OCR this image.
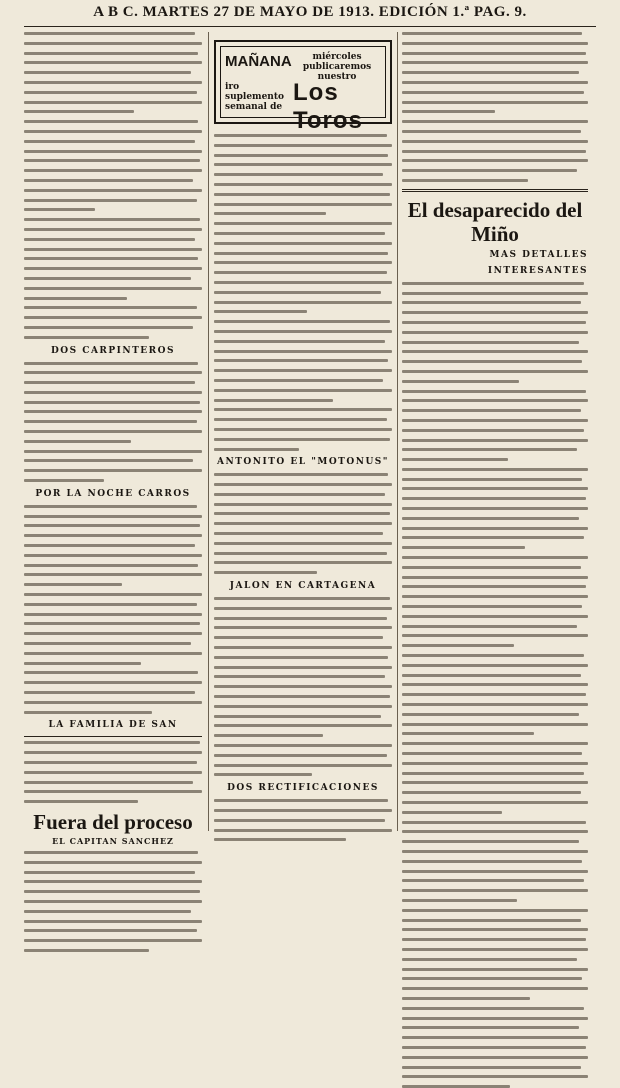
A B C. MARTES 27 DE MAYO DE 1913. EDICIÓN 1.ª PAG. 9.
DOS CARPINTEROS
POR LA NOCHE CARROS
LA FAMILIA DE SAN
Fuera del proceso
EL CAPITAN SANCHEZ
MAÑANA	miércoles publicaremos nuestro
iro suplemento semanal de
Los Toros
ANTONITO EL "MOTONUS"
JALON EN CARTAGENA
DOS RECTIFICACIONES
El desaparecido del Miño
MAS DETALLES
INTERESANTES
